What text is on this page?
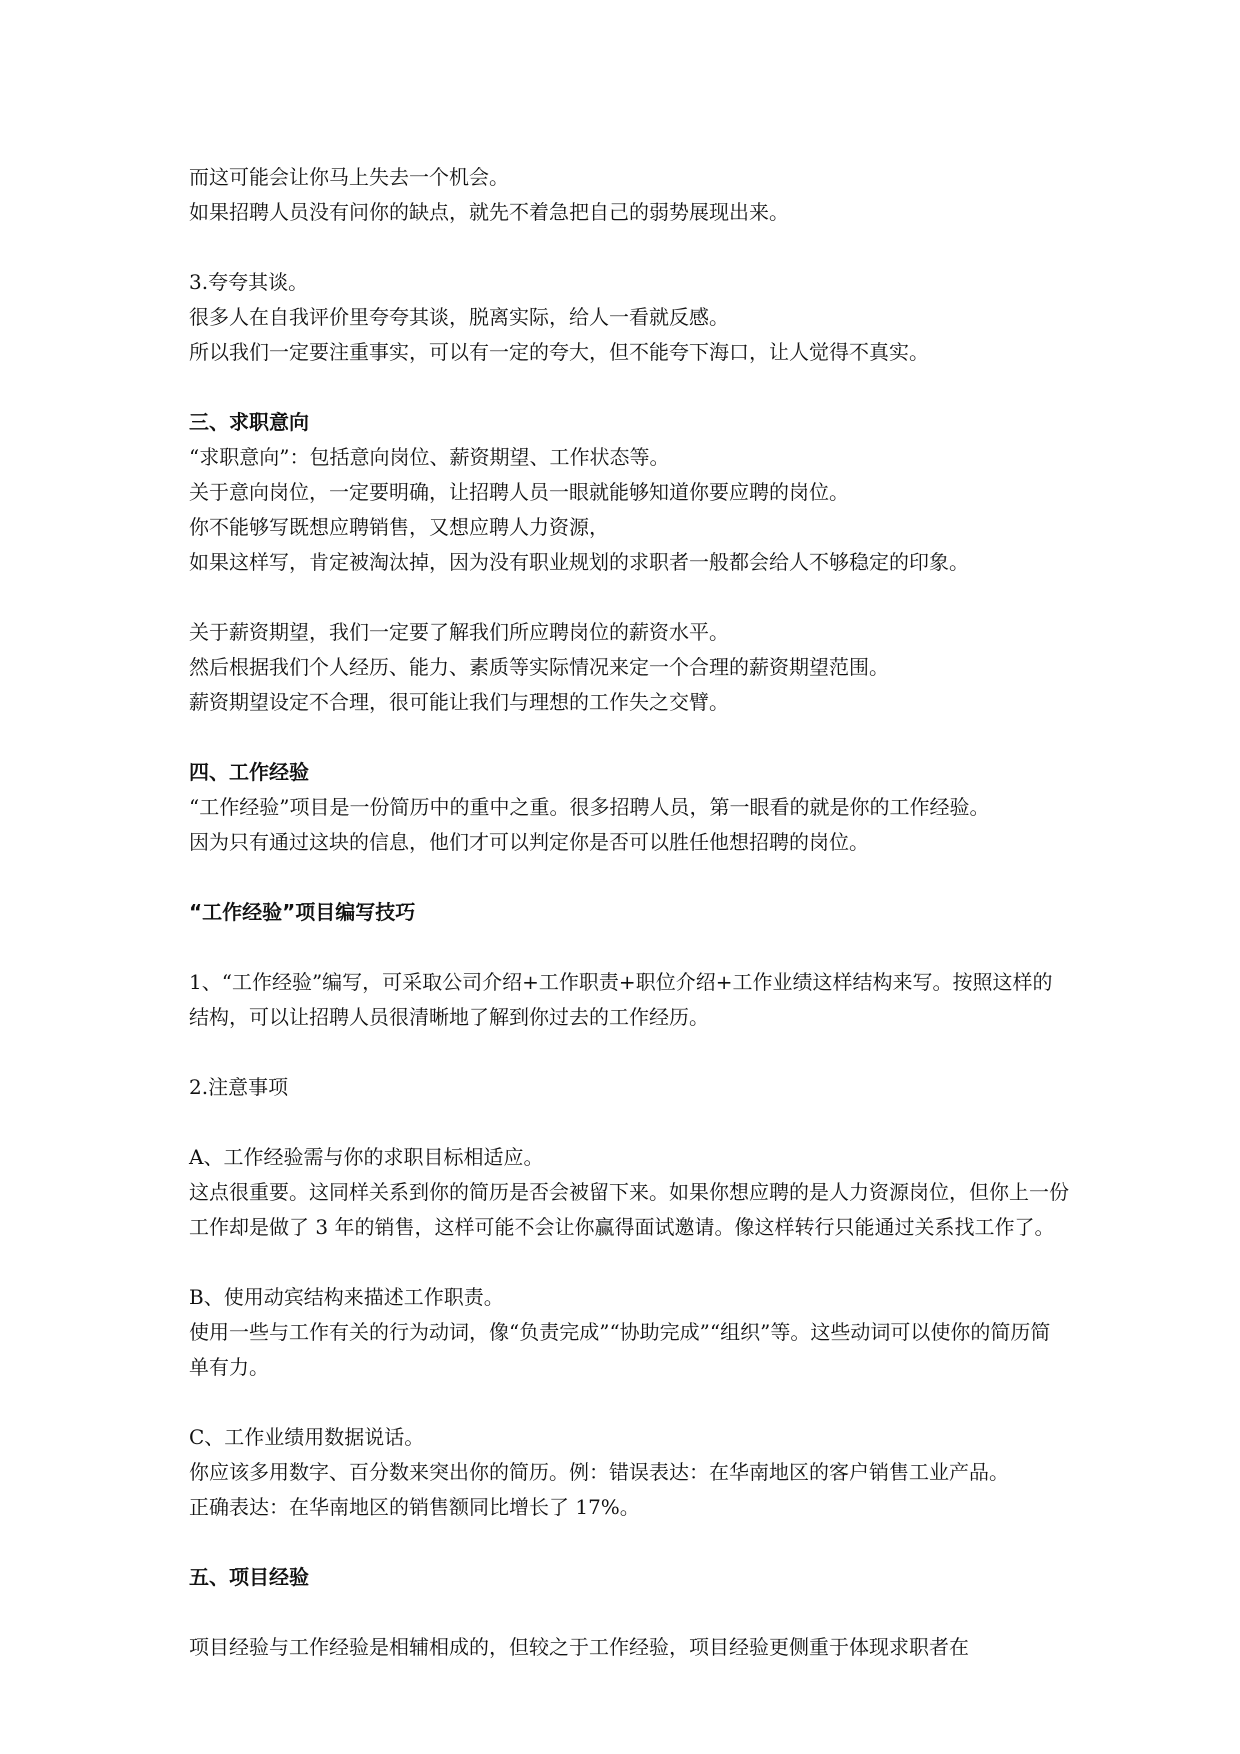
而这可能会让你马上失去一个机会。
如果招聘人员没有问你的缺点，就先不着急把自己的弱势展现出来。
3.夸夸其谈。
很多人在自我评价里夸夸其谈，脱离实际，给人一看就反感。
所以我们一定要注重事实，可以有一定的夸大，但不能夸下海口，让人觉得不真实。
三、求职意向
“求职意向”：包括意向岗位、薪资期望、工作状态等。
关于意向岗位，一定要明确，让招聘人员一眼就能够知道你要应聘的岗位。
你不能够写既想应聘销售，又想应聘人力资源，
如果这样写，肯定被淘汰掉，因为没有职业规划的求职者一般都会给人不够稳定的印象。
关于薪资期望，我们一定要了解我们所应聘岗位的薪资水平。
然后根据我们个人经历、能力、素质等实际情况来定一个合理的薪资期望范围。
薪资期望设定不合理，很可能让我们与理想的工作失之交臂。
四、工作经验
“工作经验”项目是一份简历中的重中之重。很多招聘人员，第一眼看的就是你的工作经验。
因为只有通过这块的信息，他们才可以判定你是否可以胜任他想招聘的岗位。
“工作经验”项目编写技巧
1、“工作经验”编写，可采取公司介绍+工作职责+职位介绍+工作业绩这样结构来写。按照这样的结构，可以让招聘人员很清晰地了解到你过去的工作经历。
2.注意事项
A、工作经验需与你的求职目标相适应。
这点很重要。这同样关系到你的简历是否会被留下来。如果你想应聘的是人力资源岗位，但你上一份工作却是做了 3 年的销售，这样可能不会让你赢得面试邀请。像这样转行只能通过关系找工作了。
B、使用动宾结构来描述工作职责。
使用一些与工作有关的行为动词，像“负责完成”“协助完成”“组织”等。这些动词可以使你的简历简单有力。
C、工作业绩用数据说话。
你应该多用数字、百分数来突出你的简历。例：错误表达：在华南地区的客户销售工业产品。
正确表达：在华南地区的销售额同比增长了 17%。
五、项目经验
项目经验与工作经验是相辅相成的，但较之于工作经验，项目经验更侧重于体现求职者在
